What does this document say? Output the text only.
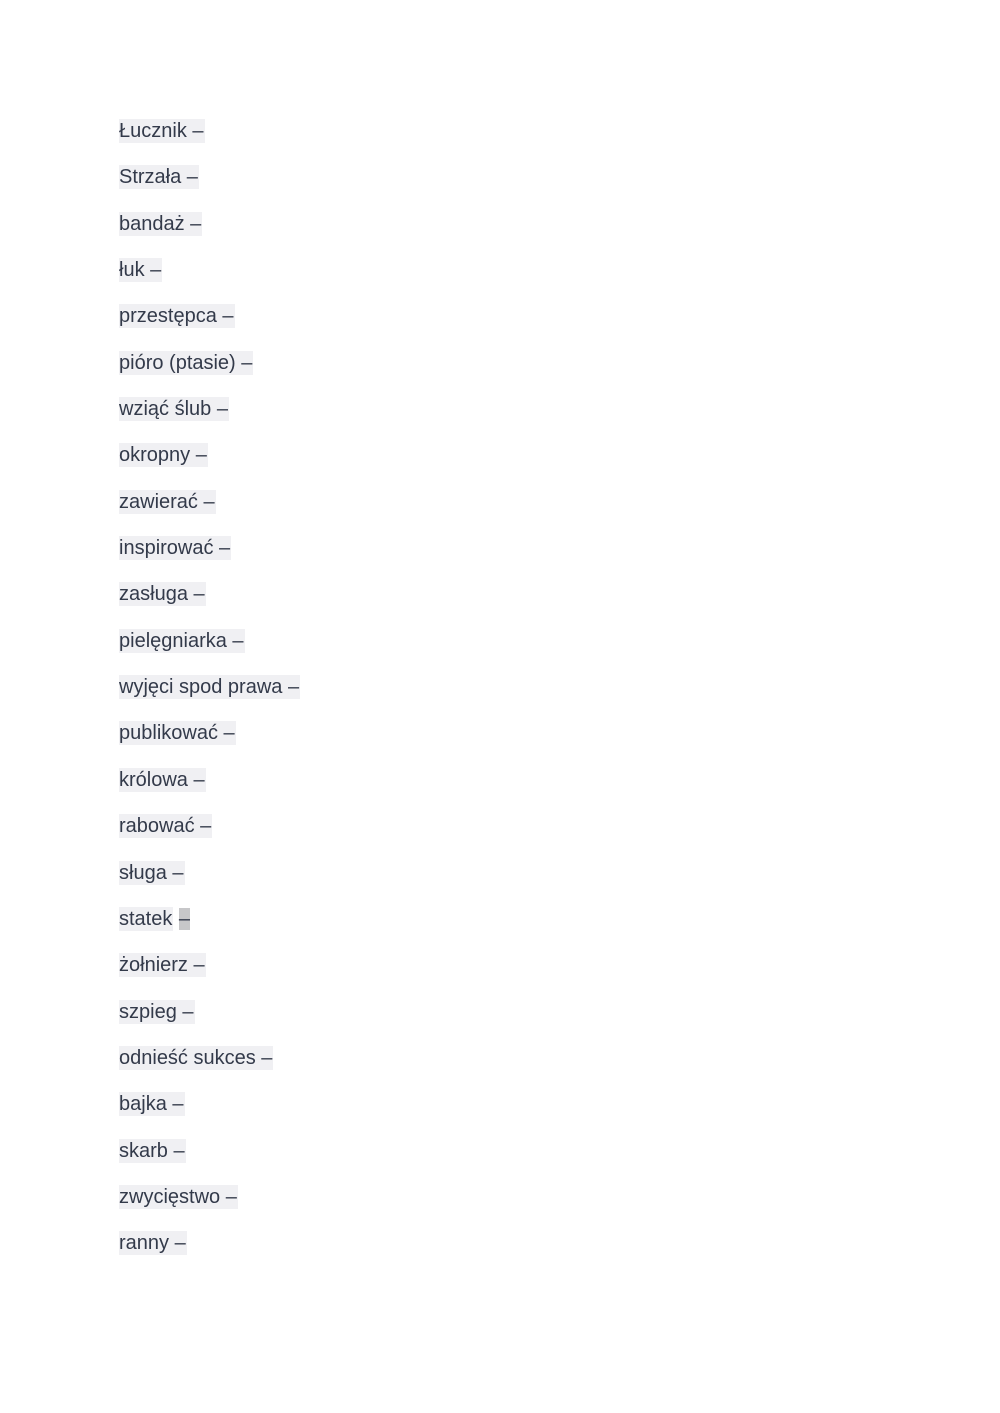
Łucznik –
Strzała –
bandaż –
łuk –
przestępca –
pióro (ptasie) –
wziąć ślub –
okropny –
zawierać –
inspirować –
zasługa –
pielęgniarka –
wyjęci spod prawa –
publikować –
królowa –
rabować –
sługa –
statek –
żołnierz –
szpieg –
odnieść sukces –
bajka –
skarb –
zwycięstwo –
ranny –
